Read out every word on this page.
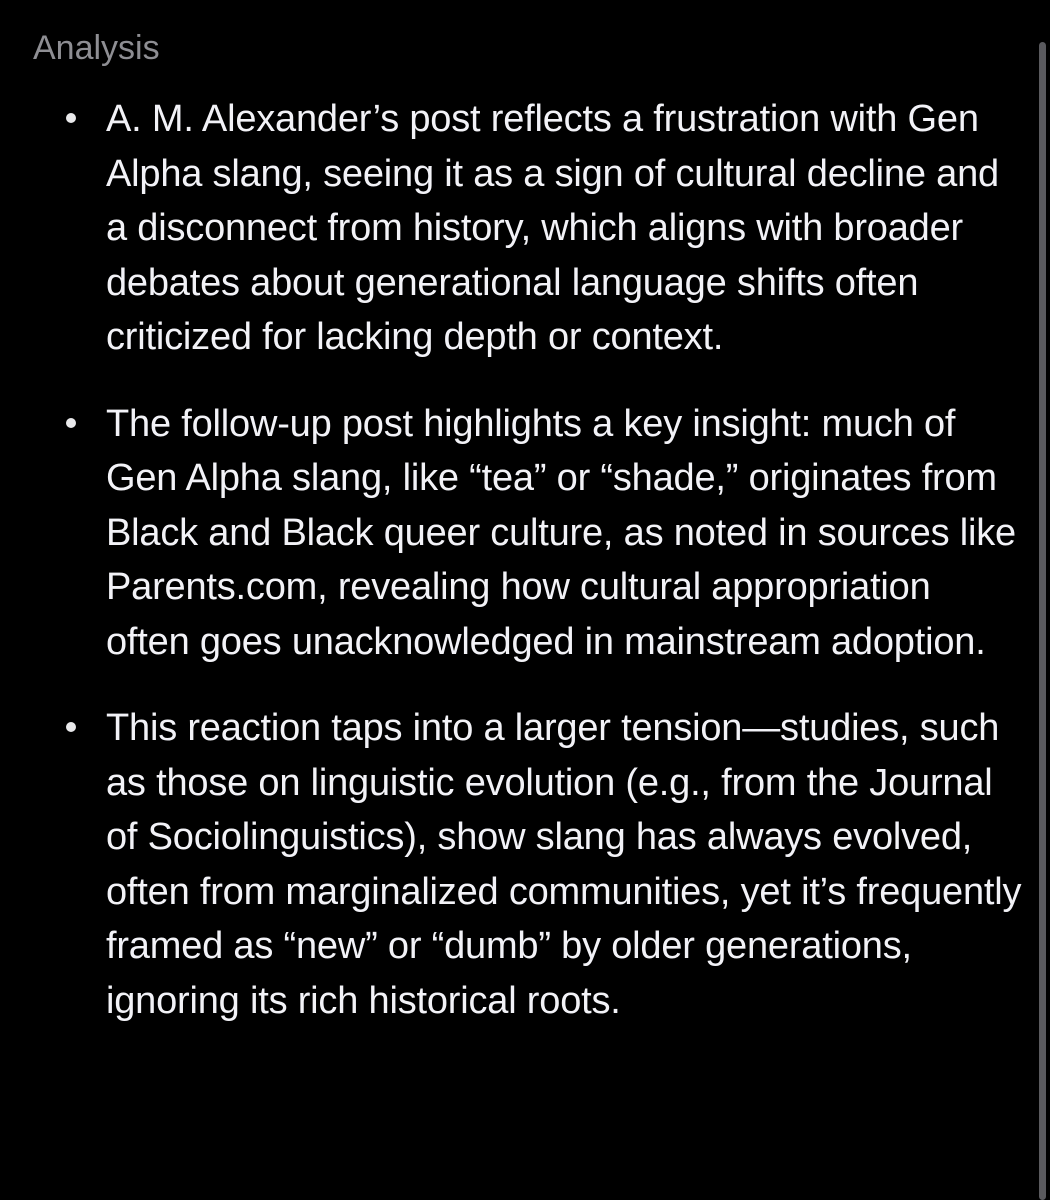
Analysis
A. M. Alexander’s post reflects a frustration with Gen Alpha slang, seeing it as a sign of cultural decline and a disconnect from history, which aligns with broader debates about generational language shifts often criticized for lacking depth or context.
The follow-up post highlights a key insight: much of Gen Alpha slang, like “tea” or “shade,” originates from Black and Black queer culture, as noted in sources like Parents.com, revealing how cultural appropriation often goes unacknowledged in mainstream adoption.
This reaction taps into a larger tension—studies, such as those on linguistic evolution (e.g., from the Journal of Sociolinguistics), show slang has always evolved, often from marginalized communities, yet it’s frequently framed as “new” or “dumb” by older generations, ignoring its rich historical roots.
